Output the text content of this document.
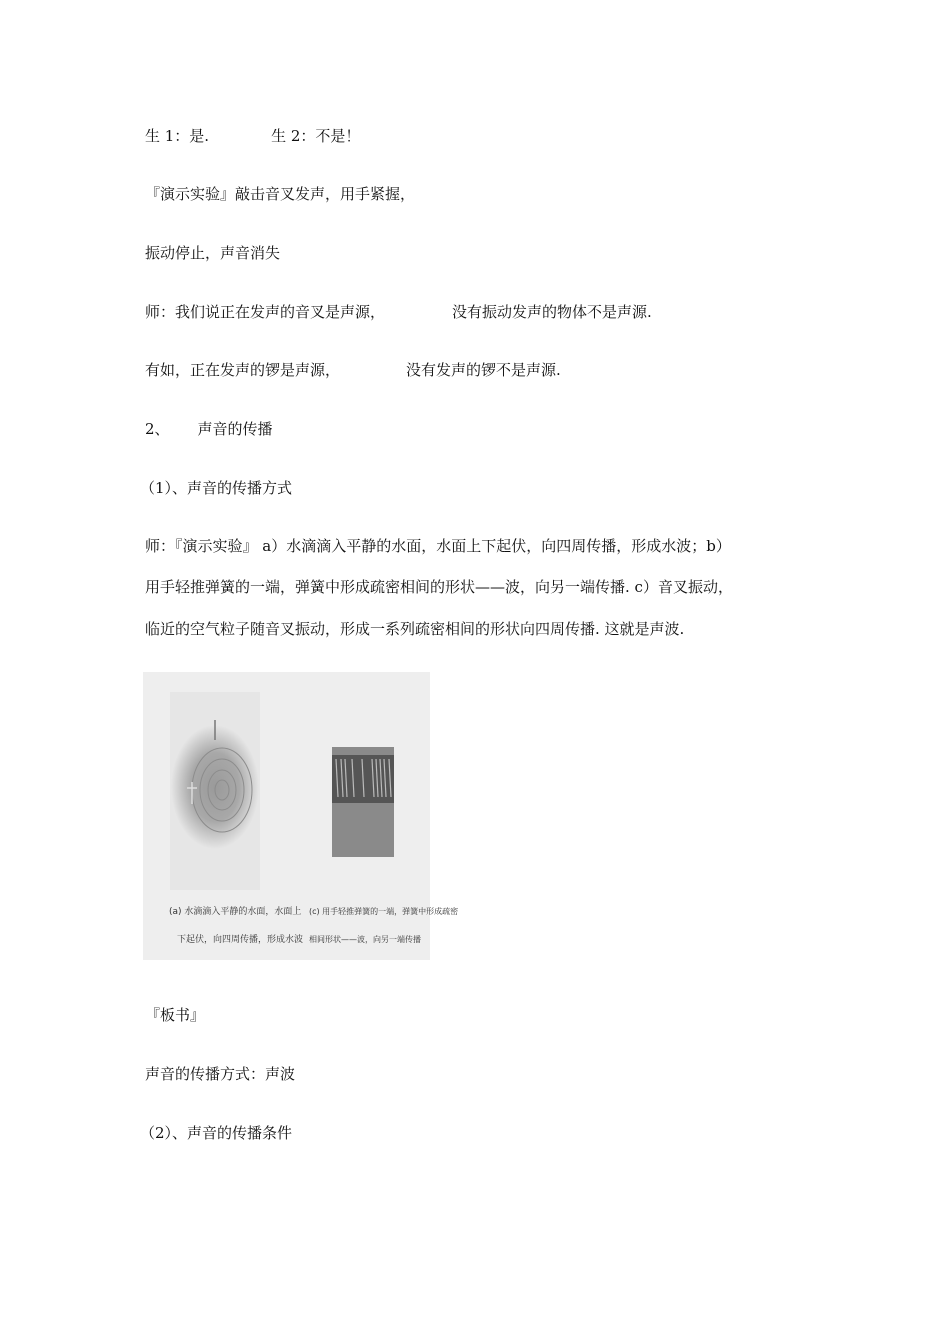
生 1：是.	生 2：不是！
『演示实验』敲击音叉发声，用手紧握，
振动停止，声音消失
师：我们说正在发声的音叉是声源，	没有振动发声的物体不是声源.
有如，正在发声的锣是声源，	没有发声的锣不是声源.
2、 声音的传播
（1）、声音的传播方式
师：『演示实验』 a）水滴滴入平静的水面，水面上下起伏，向四周传播，形成水波；b）
用手轻推弹簧的一端，弹簧中形成疏密相间的形状——波，向另一端传播. c）音叉振动，
临近的空气粒子随音叉振动，形成一系列疏密相间的形状向四周传播. 这就是声波.
(a) 水滴滴入平静的水面，水面上
下起伏，向四周传播，形成水波
(c) 用手轻推弹簧的一端，弹簧中形成疏密
相间形状——波，向另一端传播
『板书』
声音的传播方式：声波
（2）、声音的传播条件
